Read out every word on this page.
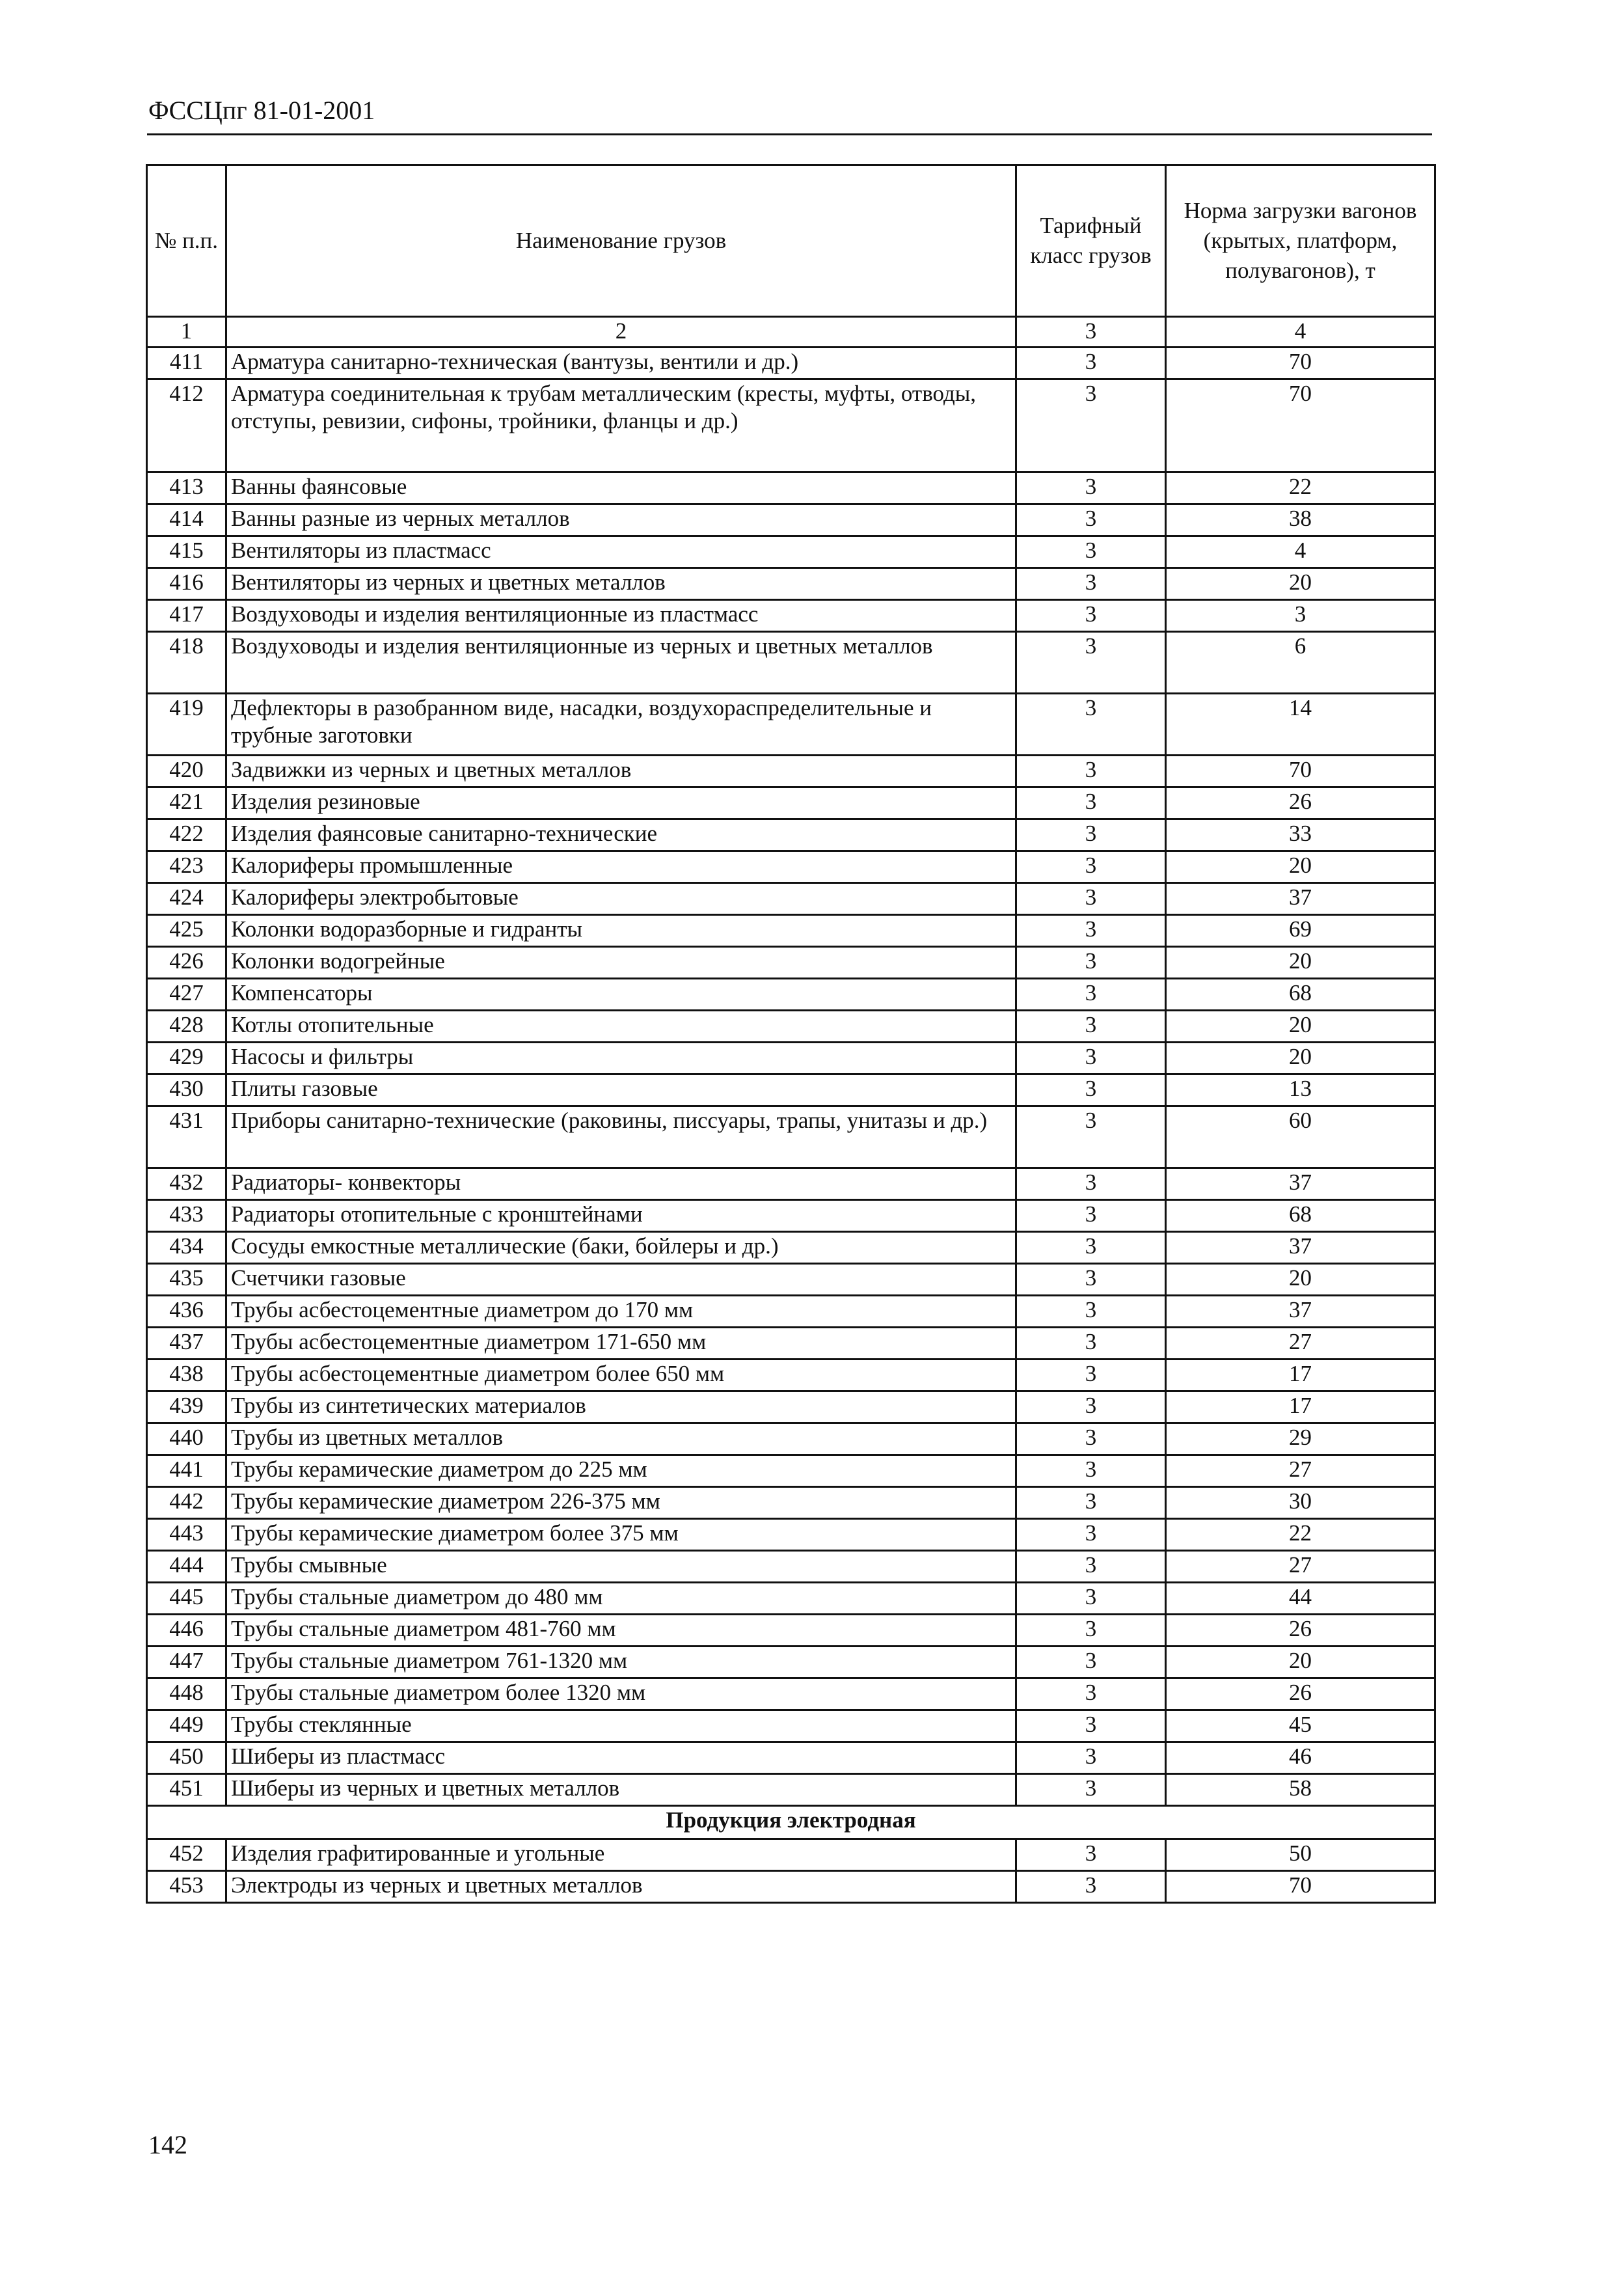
ФССЦпг 81-01-2001
№ п.п.	Наименование грузов	Тарифный класс грузов	Норма загрузки вагонов (крытых, платформ, полувагонов), т
1	2	3	4
411	Арматура санитарно-техническая (вантузы, вентили и др.)	3	70
412	Арматура соединительная к трубам металлическим (кресты, муфты, отводы, отступы, ревизии, сифоны, тройники, фланцы и др.)	3	70
413	Ванны фаянсовые	3	22
414	Ванны разные из черных металлов	3	38
415	Вентиляторы из пластмасс	3	4
416	Вентиляторы из черных и цветных металлов	3	20
417	Воздуховоды и изделия вентиляционные из пластмасс	3	3
418	Воздуховоды и изделия вентиляционные из черных и цветных металлов	3	6
419	Дефлекторы в разобранном виде, насадки, воздухораспределительные и трубные заготовки	3	14
420	Задвижки из черных и цветных металлов	3	70
421	Изделия резиновые	3	26
422	Изделия фаянсовые санитарно-технические	3	33
423	Калориферы промышленные	3	20
424	Калориферы электробытовые	3	37
425	Колонки водоразборные и гидранты	3	69
426	Колонки водогрейные	3	20
427	Компенсаторы	3	68
428	Котлы отопительные	3	20
429	Насосы и фильтры	3	20
430	Плиты газовые	3	13
431	Приборы санитарно-технические (раковины, писсуары, трапы, унитазы и др.)	3	60
432	Радиаторы- конвекторы	3	37
433	Радиаторы отопительные с кронштейнами	3	68
434	Сосуды емкостные металлические (баки, бойлеры и др.)	3	37
435	Счетчики газовые	3	20
436	Трубы асбестоцементные диаметром до 170 мм	3	37
437	Трубы асбестоцементные диаметром 171-650 мм	3	27
438	Трубы асбестоцементные диаметром более 650 мм	3	17
439	Трубы из синтетических материалов	3	17
440	Трубы из цветных металлов	3	29
441	Трубы керамические диаметром до 225 мм	3	27
442	Трубы керамические диаметром 226-375 мм	3	30
443	Трубы керамические диаметром более 375 мм	3	22
444	Трубы смывные	3	27
445	Трубы стальные диаметром до 480 мм	3	44
446	Трубы стальные диаметром 481-760 мм	3	26
447	Трубы стальные диаметром 761-1320 мм	3	20
448	Трубы стальные диаметром более 1320 мм	3	26
449	Трубы стеклянные	3	45
450	Шиберы из пластмасс	3	46
451	Шиберы из черных и цветных металлов	3	58
Продукция электродная			
452	Изделия графитированные и угольные	3	50
453	Электроды из черных и цветных металлов	3	70
142
